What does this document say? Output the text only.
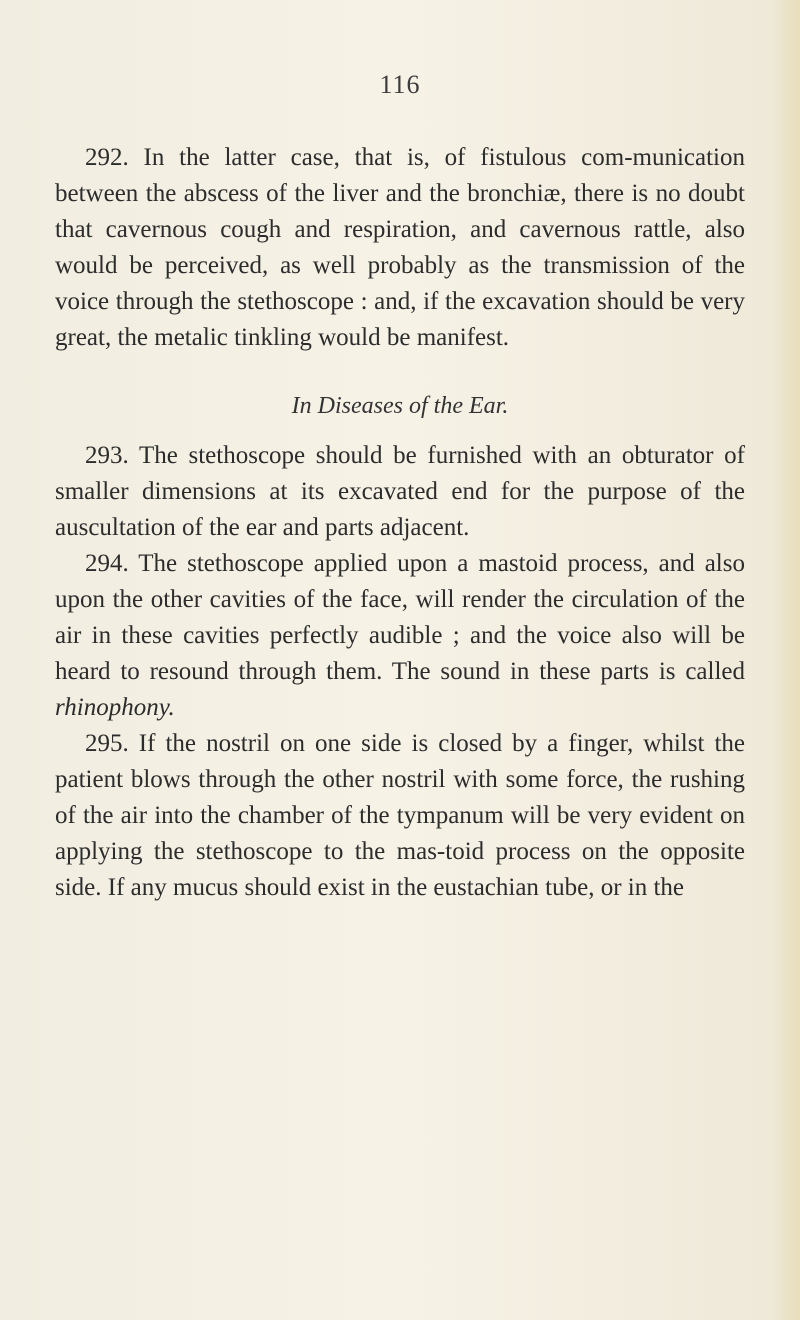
116

292. In the latter case, that is, of fistulous com-munication between the abscess of the liver and the bronchiæ, there is no doubt that cavernous cough and respiration, and cavernous rattle, also would be perceived, as well probably as the transmission of the voice through the stethoscope : and, if the excavation should be very great, the metalic tinkling would be manifest.

In Diseases of the Ear.

293. The stethoscope should be furnished with an obturator of smaller dimensions at its excavated end for the purpose of the auscultation of the ear and parts adjacent.

294. The stethoscope applied upon a mastoid process, and also upon the other cavities of the face, will render the circulation of the air in these cavities perfectly audible ; and the voice also will be heard to resound through them. The sound in these parts is called rhinophony.

295. If the nostril on one side is closed by a finger, whilst the patient blows through the other nostril with some force, the rushing of the air into the chamber of the tympanum will be very evident on applying the stethoscope to the mas-toid process on the opposite side. If any mucus should exist in the eustachian tube, or in the
